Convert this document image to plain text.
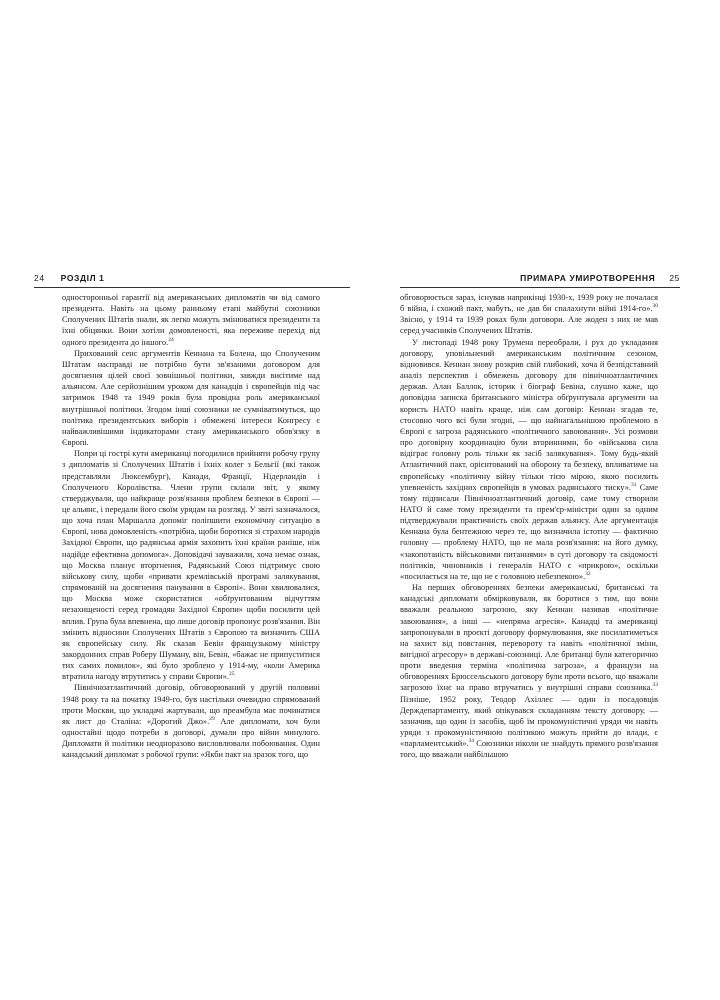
24 РОЗДІЛ 1	ПРИМАРА УМИРОТВОРЕННЯ 25

односторонньої гарантії від американських дипломатів чи від самого президента. Навіть на цьому ранньому етапі майбутні союзники Сполучених Штатів знали, як легко можуть змінюватися президенти та їхні обіцянки. Вони хотіли домовленості, яка переживе перехід від одного президента до іншого.$^{24}$

Прихований сенс аргументів Кеннана та Болена, що Сполученим Штатам насправді не потрібно бути зв'язаними договором для досягнення цілей своєї зовнішньої політики, завжди висітиме над альянсом. Але серйознішим уроком для канадців і європейців під час затримок 1948 та 1949 років була провідна роль американської внутрішньої політики. Згодом інші союзники не сумніватимуться, що політика президентських виборів і обмежені інтереси Конгресу є найважливішими індикаторами стану американського обов'язку в Європі.

Попри ці гострі кути американці погодилися прийняти робочу групу з дипломатів зі Сполучених Штатів і їхніх колег з Бельгії (які також представляли Люксембург), Канади, Франції, Нідерландів і Сполученого Королівства. Члени групи склали звіт, у якому стверджували, що найкраще розв'язання проблем безпеки в Європі — це альянс, і передали його своїм урядам на розгляд. У звіті зазначалося, що хоча план Маршалла допоміг поліпшити економічну ситуацію в Європі, нова домовленість «потрібна, щоби боротися зі страхом народів Західної Європи, що радянська армія захопить їхні країни раніше, ніж надійде ефективна допомога». Доповідачі зауважили, хоча немає ознак, що Москва планує вторгнення, Радянський Союз підтримує свою військову силу, щоби «привати кремлівській програмі залякування, спрямованій на досягнення панування в Європі». Вони хвилювалися, що Москва може скористатися «обґрунтованим відчуттям незахищеності серед громадян Західної Європи» щоби посилити цей вплив. Група була впевнена, що лише договір пропонує розв'язання. Він змінить відносини Сполучених Штатів з Європою та визначить США як європейську силу. Як сказав Бевін французькому міністру закордонних справ Роберу Шуману, він, Бевін, «бажає не припуститися тих самих помилок», які було зроблено у 1914-му, «коли Америка втратила нагоду втрутитись у справи Європи».$^{25}$

Північноатлантичний договір, обговорюваний у другій половині 1948 року та на початку 1949-го, був настільки очевидно спрямований проти Москви, що укладачі жартували, що преамбула має починатися як лист до Сталіна: «Дорогий Джо».$^{29}$ Але дипломати, хоч були одностайні щодо потреби в договорі, думали про війни минулого. Дипломати й політики неодноразово висловлювали побоювання. Один канадський дипломат з робочої групи: «Якби пакт на зразок того, що

обговорюється зараз, існував наприкінці 1930-х, 1939 року не почалася б війна, і схожий пакт, мабуть, не дав би спалахнути війні 1914-го».$^{30}$ Звісно, у 1914 та 1939 роках були договори. Але жоден з них не мав серед учасників Сполучених Штатів.

У листопаді 1948 року Трумена переобрали, і рух до укладання договору, уповільнений американським політичним сезоном, відновився. Кеннан знову розкрив свій глибокий, хоча й безпідставний аналіз перспектив і обмежень договору для північноатлантичних держав. Алан Баллок, історик і біограф Бевіна, слушно каже, що доповідна записка британського міністра обґрунтувала аргументи на користь НАТО навіть краще, ніж сам договір: Кеннан згадав те, стосовно чого всі були згодні, — що найнагальнішою проблемою в Європі є загроза радянського «політичного завоювання». Усі розмови про договірну координацію були вторинними, бо «військова сила відіграє головну роль тільки як засіб залякування». Тому будь-який Атлантичний пакт, орієнтований на оборону та безпеку, впливатиме на європейську «політичну війну тільки тією мірою, якою посилить упевненість західних європейців в умовах радянського тиску».$^{31}$ Саме тому підписали Північноатлантичний договір, саме тому створили НАТО й саме тому президенти та прем'єр-міністри один за одним підтверджували практичність своїх держав альянсу. Але аргументація Кеннана була бентежною через те, що визначила істотну — фактично головну — проблему НАТО, що не мала розв'язання: на його думку, «закопотаність військовими питаннями» в суті договору та свідомості політиків, чиновників і генералів НАТО є «прикрою», оскільки «посилається на те, що не є головною небезпекою».$^{32}$

На перших обговореннях безпеки американські, британські та канадські дипломати обмірковували, як боротися з тим, що вони вважали реальною загрозою, яку Кеннан називав «політичне завоювання», а інші — «непряма агресія». Канадці та американці запропонували в проєкті договору формулювання, яке посилатиметься на захист від повстання, перевороту та навіть «політичної зміни, вигідної агресору» в державі-союзниці. Але британці були категорично проти введення терміна «політична загроза», а французи на обговореннях Брюссельського договору були проти всього, що вважали загрозою їхнє на право втручатись у внутрішні справи союзника.$^{33}$ Пізніше, 1952 року, Теодор Ахіллес — один із посадовців Держдепартаменту, який опікувався складанням тексту договору, — зазначив, що один із засобів, щоб їм прокомуністичні уряди чи навіть уряди з прокомуністичною політикою можуть прийти до влади, є «парламентський».$^{34}$ Союзники ніколи не знайдуть прямого розв'язання того, що вважали найбільшою
